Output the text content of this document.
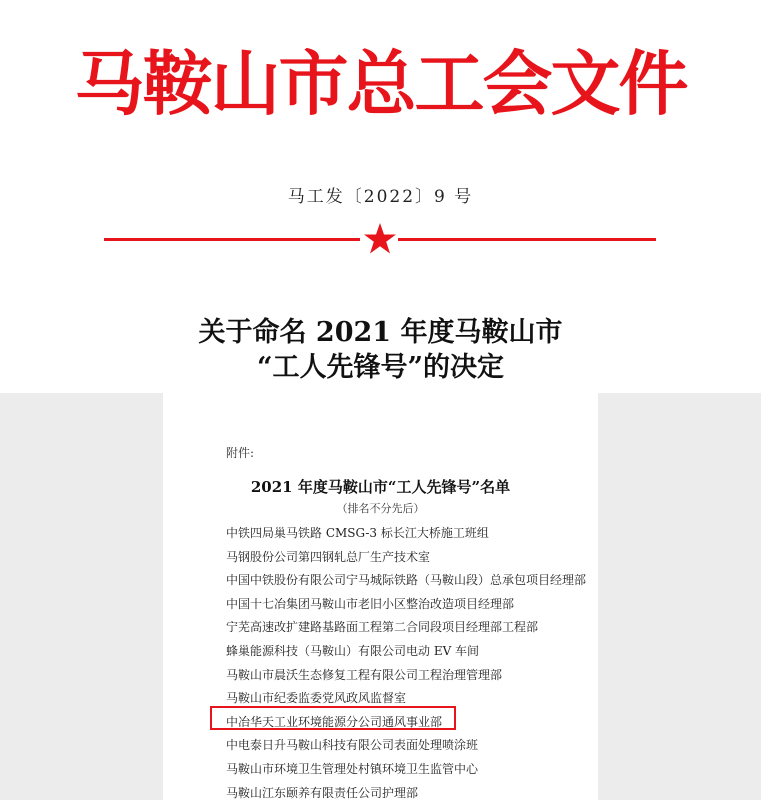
马鞍山市总工会文件
马工发〔2022〕9 号
关于命名 2021 年度马鞍山市
“工人先锋号”的决定
附件:
2021 年度马鞍山市“工人先锋号”名单
（排名不分先后）
中铁四局巢马铁路 CMSG-3 标长江大桥施工班组
马钢股份公司第四钢轧总厂生产技术室
中国中铁股份有限公司宁马城际铁路（马鞍山段）总承包项目经理部
中国十七冶集团马鞍山市老旧小区整治改造项目经理部
宁芜高速改扩建路基路面工程第二合同段项目经理部工程部
蜂巢能源科技（马鞍山）有限公司电动 EV 车间
马鞍山市晨沃生态修复工程有限公司工程治理管理部
马鞍山市纪委监委党风政风监督室
中冶华天工业环境能源分公司通风事业部
中电泰日升马鞍山科技有限公司表面处理喷涂班
马鞍山市环境卫生管理处村镇环境卫生监管中心
马鞍山江东颐养有限责任公司护理部
